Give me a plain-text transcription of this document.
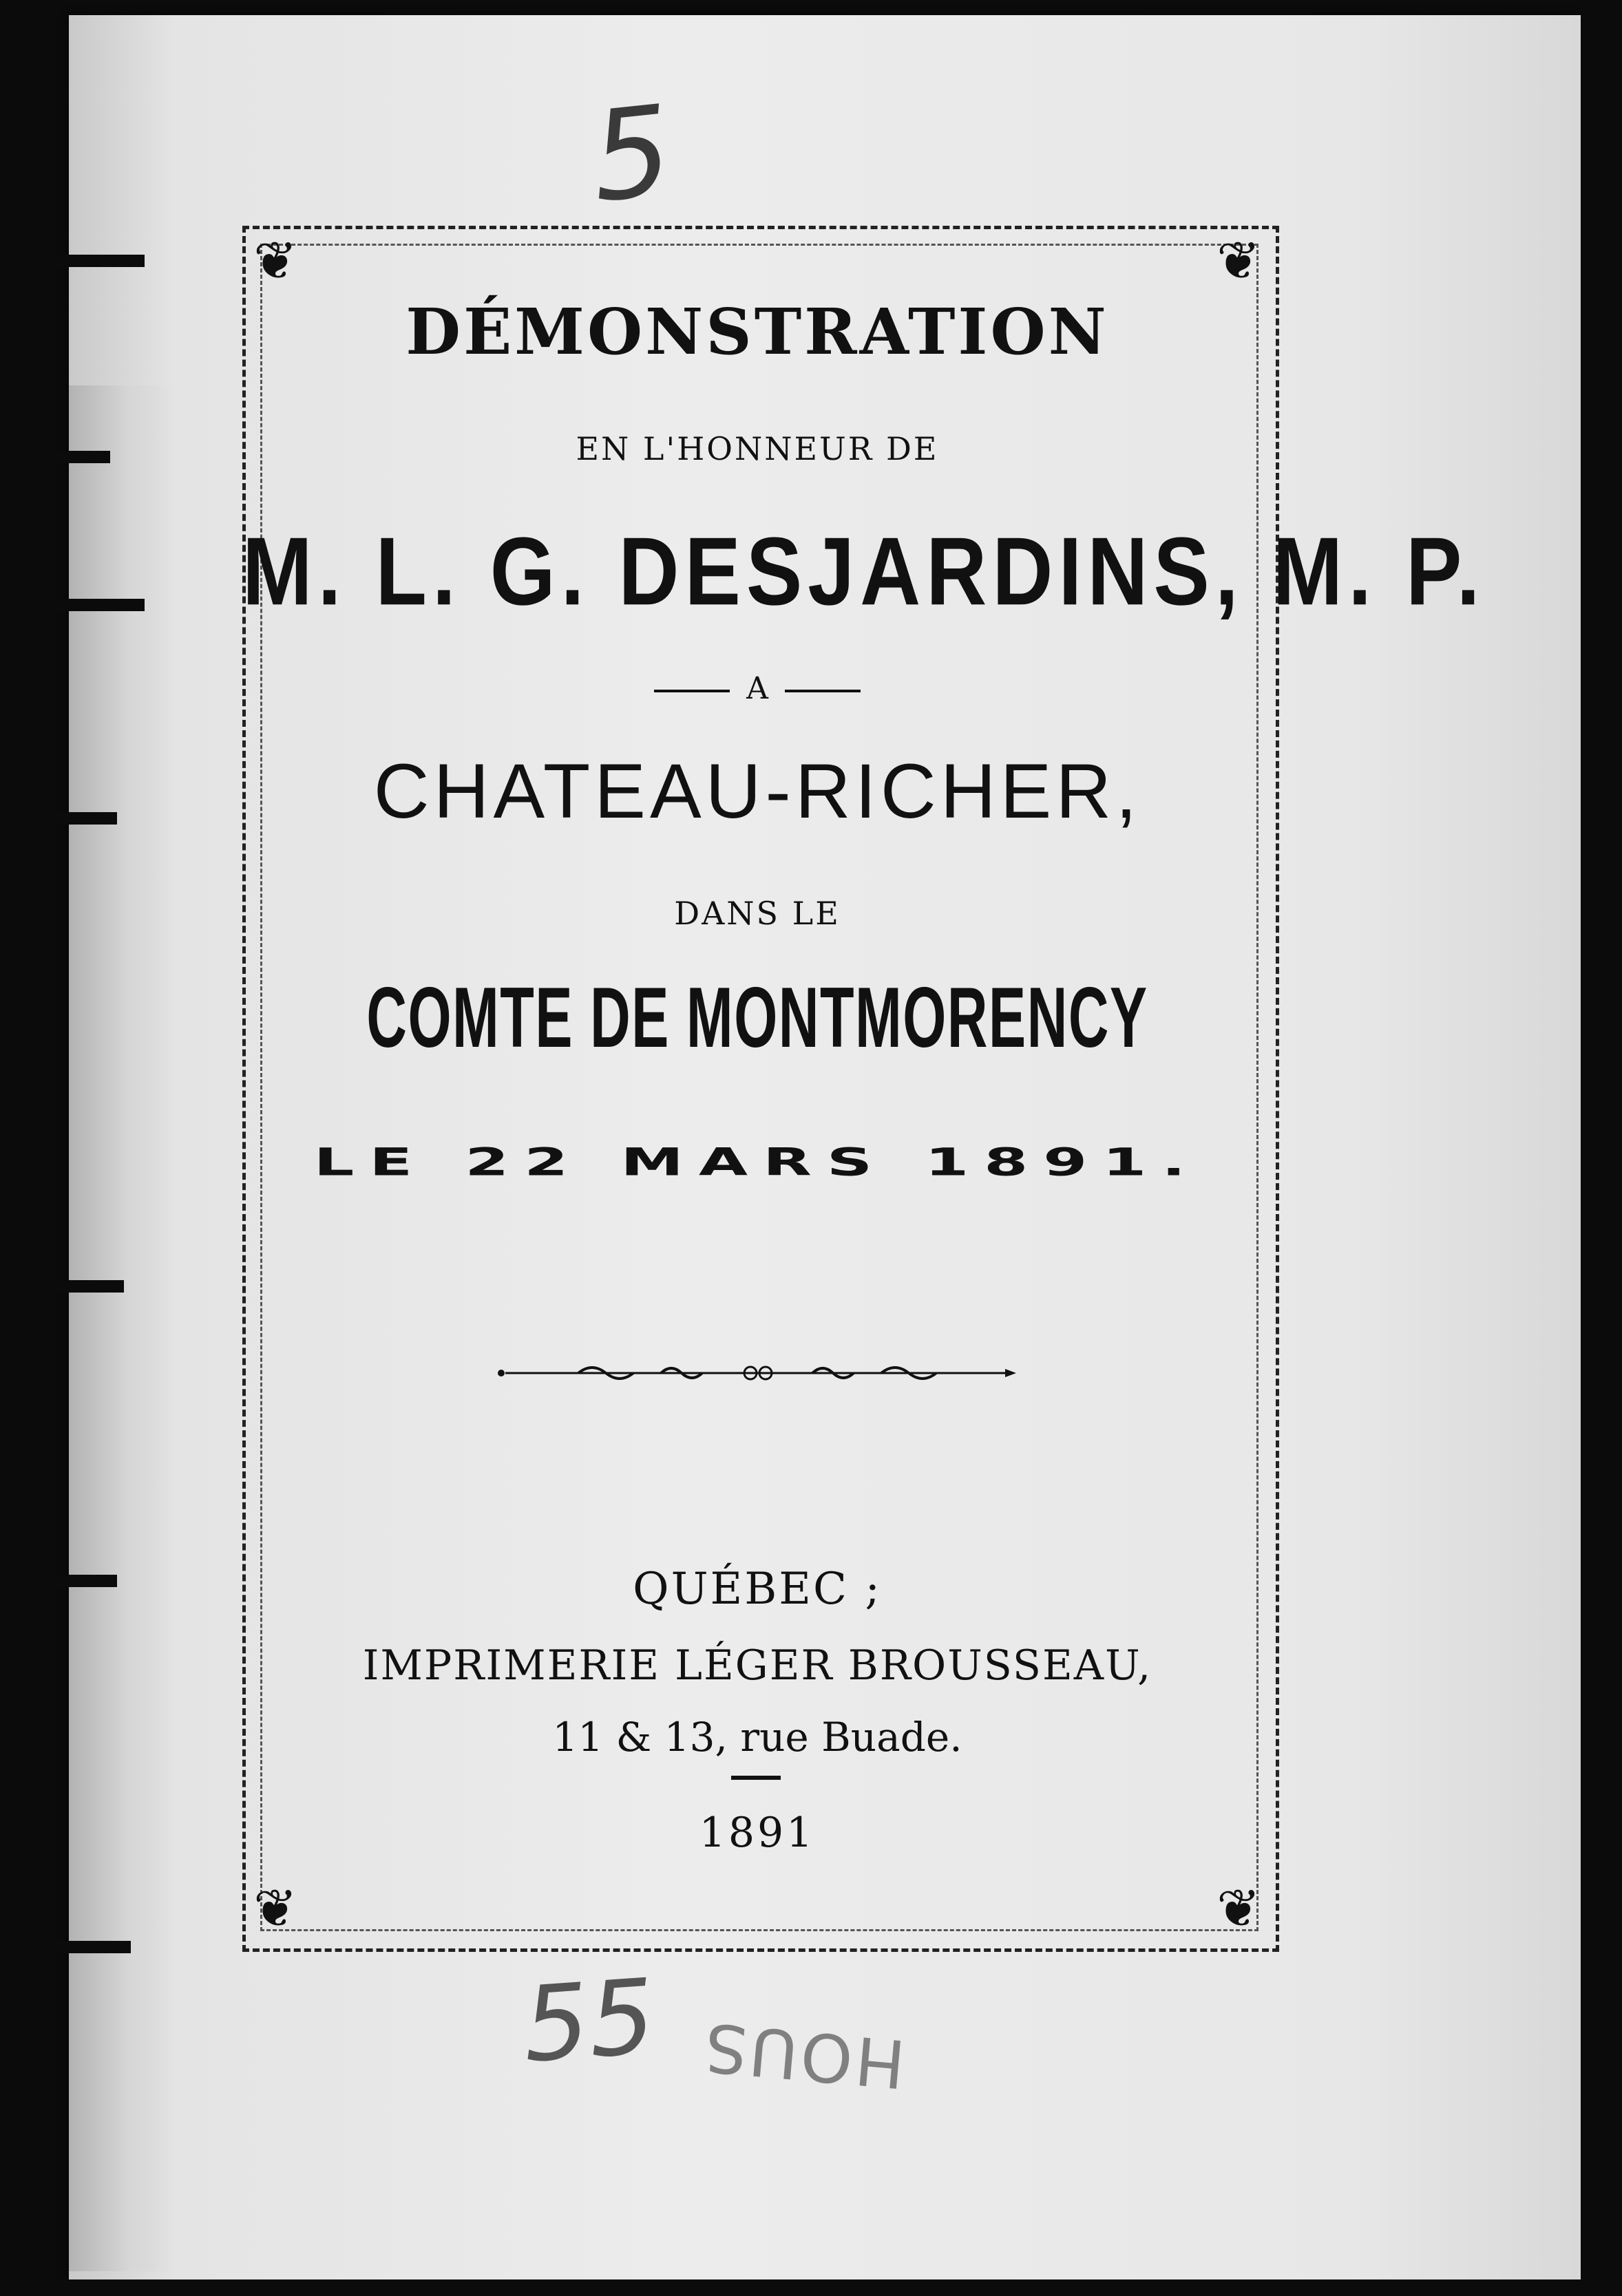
5
55 HOUS
❦	❦
❦	❦
DÉMONSTRATION
EN L'HONNEUR DE
M. L. G. DESJARDINS, M. P.
A
CHATEAU-RICHER,
DANS LE
COMTE DE MONTMORENCY
LE 22 MARS 1891.
QUÉBEC ;
IMPRIMERIE LÉGER BROUSSEAU,
11 & 13, rue Buade.
1891
